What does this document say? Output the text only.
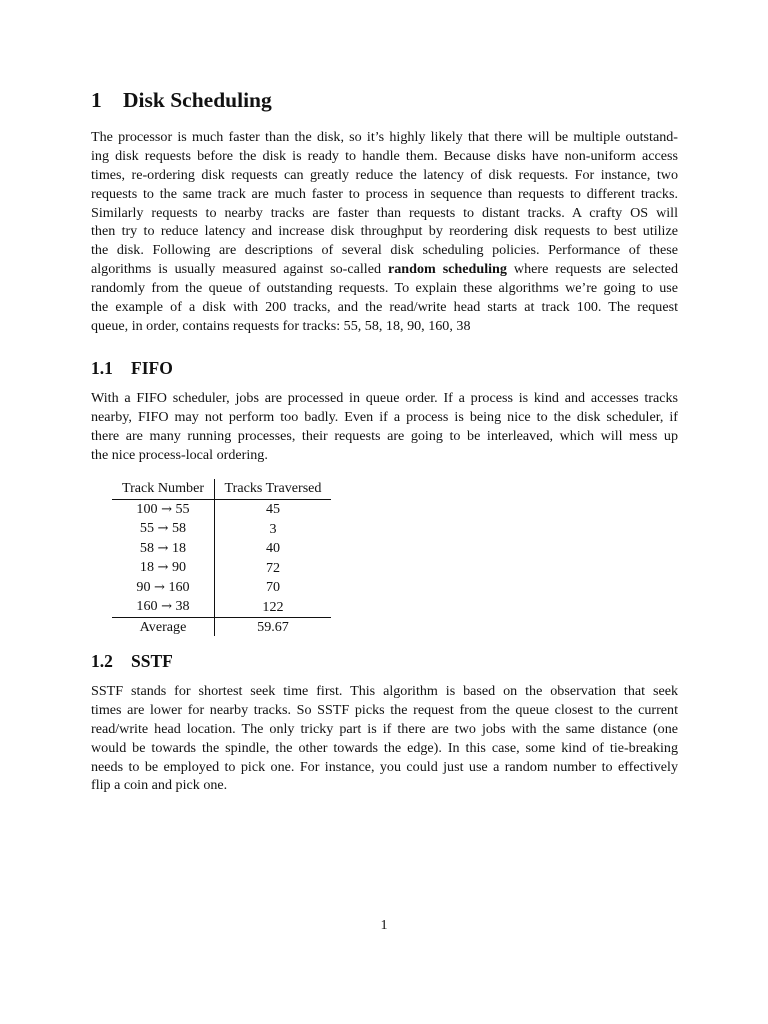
1 Disk Scheduling

The processor is much faster than the disk, so it’s highly likely that there will be multiple outstand-
ing disk requests before the disk is ready to handle them. Because disks have non-uniform access
times, re-ordering disk requests can greatly reduce the latency of disk requests. For instance, two
requests to the same track are much faster to process in sequence than requests to different tracks.
Similarly requests to nearby tracks are faster than requests to distant tracks. A crafty OS will
then try to reduce latency and increase disk throughput by reordering disk requests to best utilize
the disk. Following are descriptions of several disk scheduling policies. Performance of these
algorithms is usually measured against so-called random scheduling where requests are selected
randomly from the queue of outstanding requests. To explain these algorithms we’re going to use
the example of a disk with 200 tracks, and the read/write head starts at track 100. The request
queue, in order, contains requests for tracks: 55, 58, 18, 90, 160, 38

1.1 FIFO

With a FIFO scheduler, jobs are processed in queue order. If a process is kind and accesses tracks
nearby, FIFO may not perform too badly. Even if a process is being nice to the disk scheduler, if
there are many running processes, their requests are going to be interleaved, which will mess up
the nice process-local ordering.

Track Number	Tracks Traversed
100 → 55	45
55 → 58	3
58 → 18	40
18 → 90	72
90 → 160	70
160 → 38	122
Average	59.67
1.2 SSTF

SSTF stands for shortest seek time first. This algorithm is based on the observation that seek
times are lower for nearby tracks. So SSTF picks the request from the queue closest to the current
read/write head location. The only tricky part is if there are two jobs with the same distance (one
would be towards the spindle, the other towards the edge). In this case, some kind of tie-breaking
needs to be employed to pick one. For instance, you could just use a random number to effectively
flip a coin and pick one.

1
